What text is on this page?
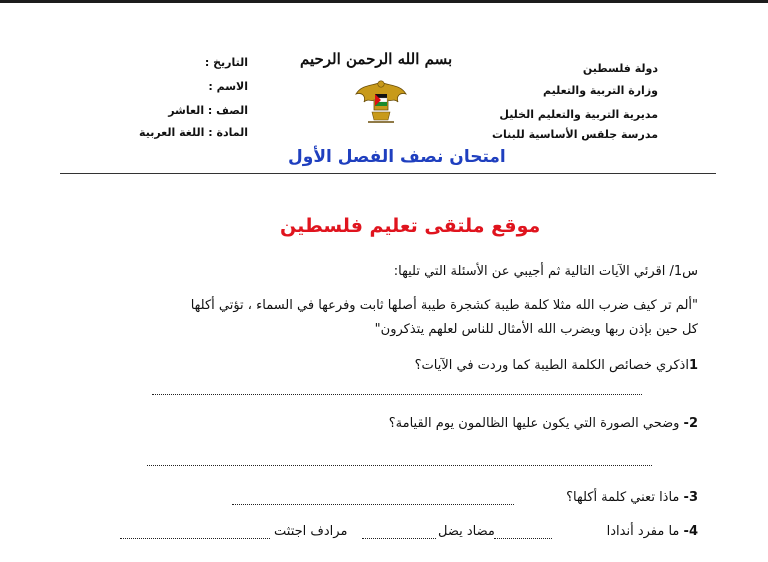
دولة فلسطين
وزارة التربية والتعليم
مديرية التربية والتعليم الخليل
مدرسة جلقس الأساسية للبنات
التاريخ :
الاسم :
الصف : العاشر
المادة : اللغة العربية
بسم الله الرحمن الرحيم
امتحان نصف الفصل الأول
موقع ملتقى تعليم فلسطين
س1/ اقرئي الآيات التالية ثم أجيبي عن الأسئلة التي تليها:
"ألم تر كيف ضرب الله مثلا كلمة طيبة كشجرة طيبة أصلها ثابت وفرعها في السماء ، تؤتي أكلها
كل حين بإذن ربها ويضرب الله الأمثال للناس لعلهم يتذكرون"
1اذكري خصائص الكلمة الطيبة كما وردت في الآيات؟
2- وضحي الصورة التي يكون عليها الظالمون يوم القيامة؟
3- ماذا تعني كلمة أكلها؟
4- ما مفرد أندادا
مضاد يضل
مرادف اجتثت
